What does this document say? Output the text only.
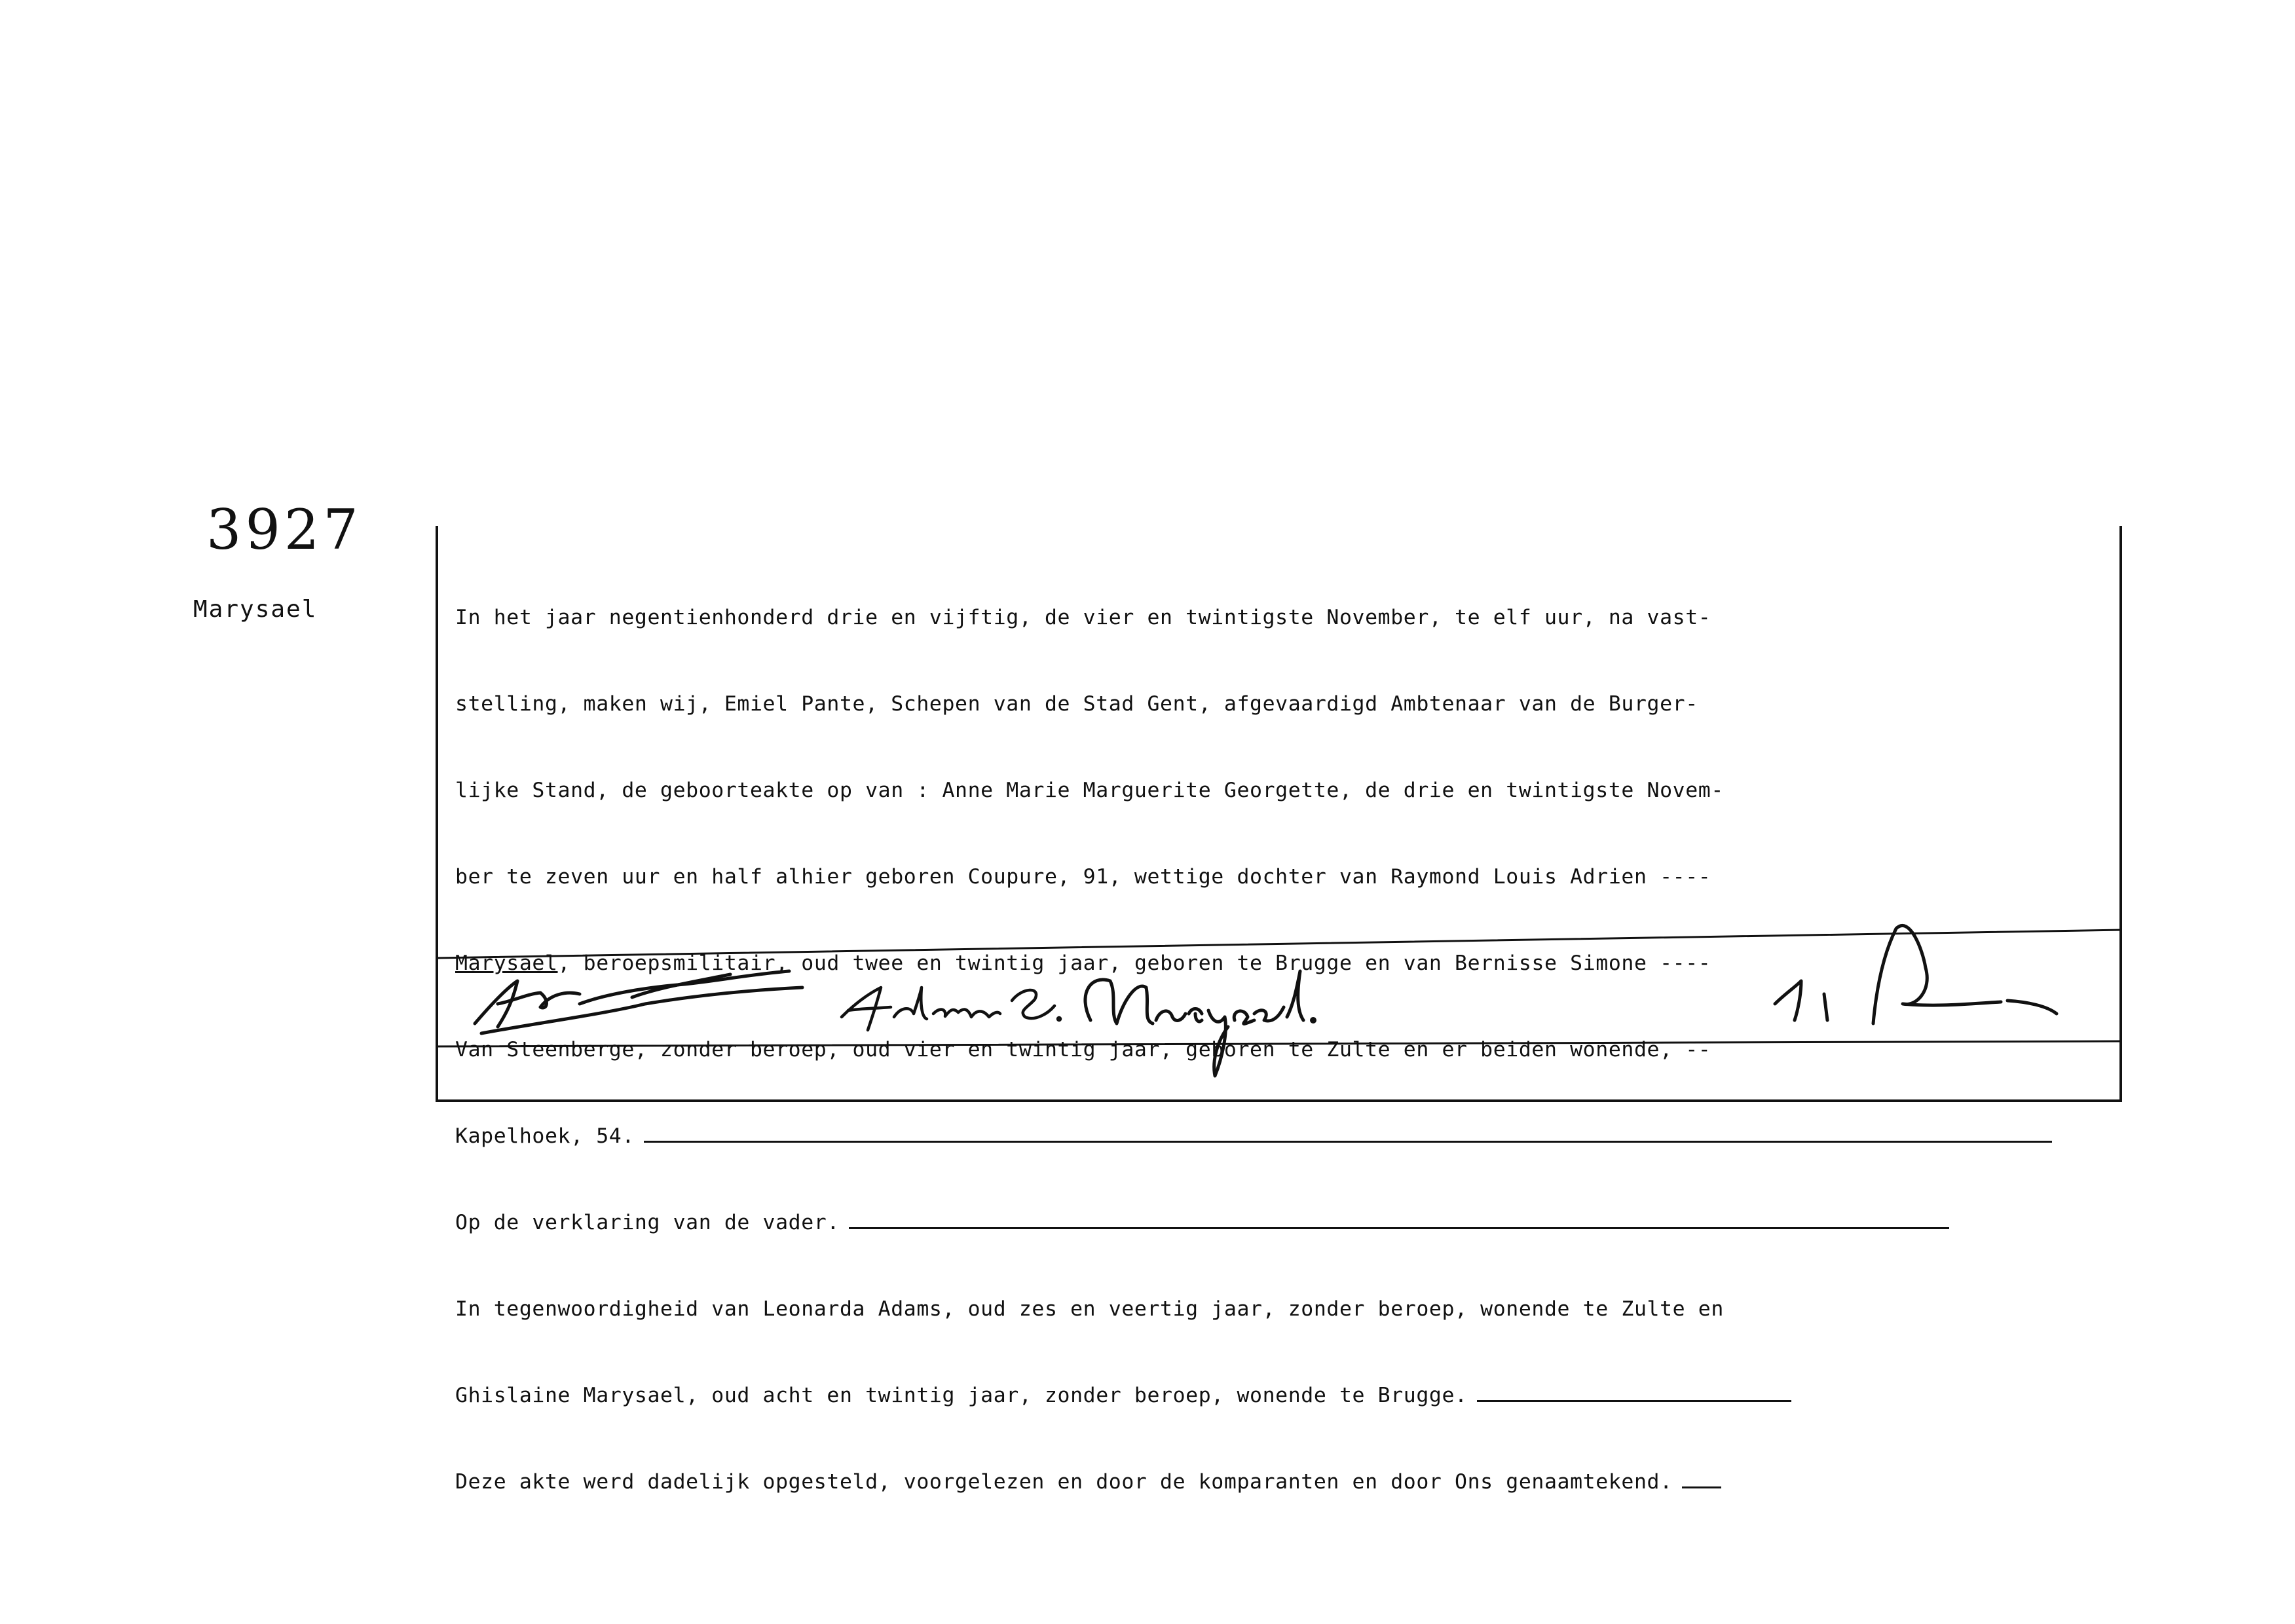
3927
Marysael

	In het jaar negentienhonderd drie en vijftig, de vier en twintigste November, te elf uur, na vast-

stelling, maken wij, Emiel Pante, Schepen van de Stad Gent, afgevaardigd Ambtenaar van de Burger-

lijke Stand, de geboorteakte op van : Anne Marie Marguerite Georgette, de drie en twintigste Novem-

ber te zeven uur en half alhier geboren Coupure, 91, wettige dochter van Raymond Louis Adrien ----

Marysael, beroepsmilitair, oud twee en twintig jaar, geboren te Brugge en van Bernisse Simone ----

Van Steenberge, zonder beroep, oud vier en twintig jaar, geboren te Zulte en er beiden wonende, --

Kapelhoek, 54.

Op de verklaring van de vader.

In tegenwoordigheid van Leonarda Adams, oud zes en veertig jaar, zonder beroep, wonende te Zulte en

Ghislaine Marysael, oud acht en twintig jaar, zonder beroep, wonende te Brugge.

Deze akte werd dadelijk opgesteld, voorgelezen en door de komparanten en door Ons genaamtekend.
